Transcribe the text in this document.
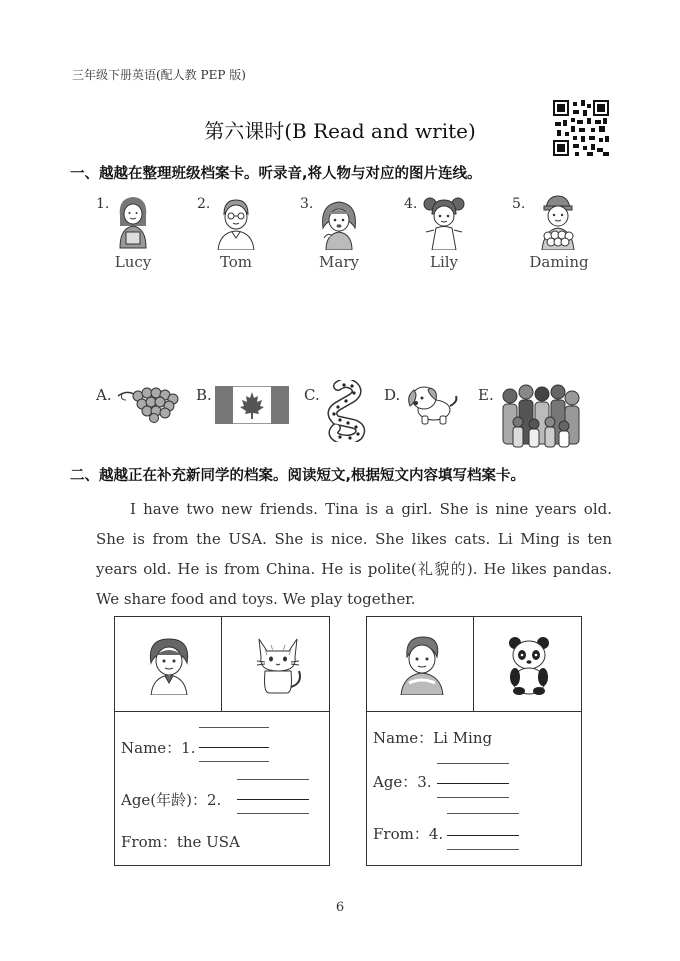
三年级下册英语(配人教 PEP 版)
第六课时(B Read and write)
一、越越在整理班级档案卡。听录音,将人物与对应的图片连线。
1.
Lucy
2.
Tom
3.
Mary
4.
Lily
5.
Daming
A.	B.	C.	D.	E.
二、越越正在补充新同学的档案。阅读短文,根据短文内容填写档案卡。

I have two new friends. Tina is a girl. She is nine years old. She is from the USA. She is nice. She likes cats. Li Ming is ten years old. He is from China. He is polite(礼貌的). He likes pandas. We share food and toys. We play together.

Name：1.
Age(年龄)：2.
From：the USA
Name：Li Ming
Age：3.
From：4.
6
